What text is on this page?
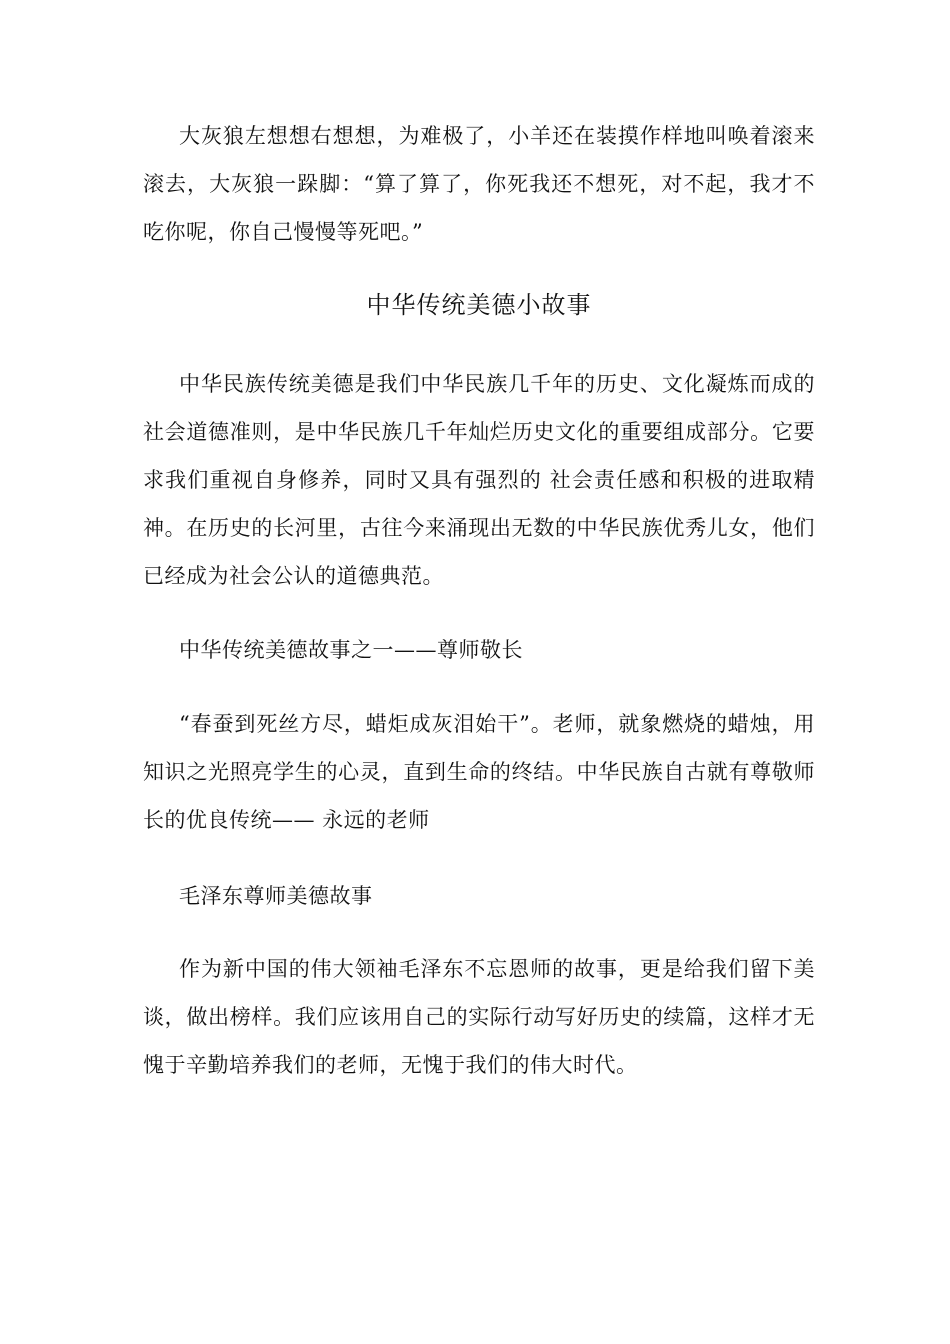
大灰狼左想想右想想，为难极了，小羊还在装摸作样地叫唤着滚来滚去，大灰狼一跺脚：“算了算了，你死我还不想死，对不起，我才不吃你呢，你自己慢慢等死吧。”

中华传统美德小故事

中华民族传统美德是我们中华民族几千年的历史、文化凝炼而成的社会道德准则，是中华民族几千年灿烂历史文化的重要组成部分。它要求我们重视自身修养，同时又具有强烈的 社会责任感和积极的进取精神。在历史的长河里，古往今来涌现出无数的中华民族优秀儿女，他们已经成为社会公认的道德典范。

中华传统美德故事之一——尊师敬长

“春蚕到死丝方尽，蜡炬成灰泪始干”。老师，就象燃烧的蜡烛，用知识之光照亮学生的心灵，直到生命的终结。中华民族自古就有尊敬师长的优良传统—— 永远的老师

毛泽东尊师美德故事

作为新中国的伟大领袖毛泽东不忘恩师的故事，更是给我们留下美谈，做出榜样。我们应该用自己的实际行动写好历史的续篇，这样才无愧于辛勤培养我们的老师，无愧于我们的伟大时代。
